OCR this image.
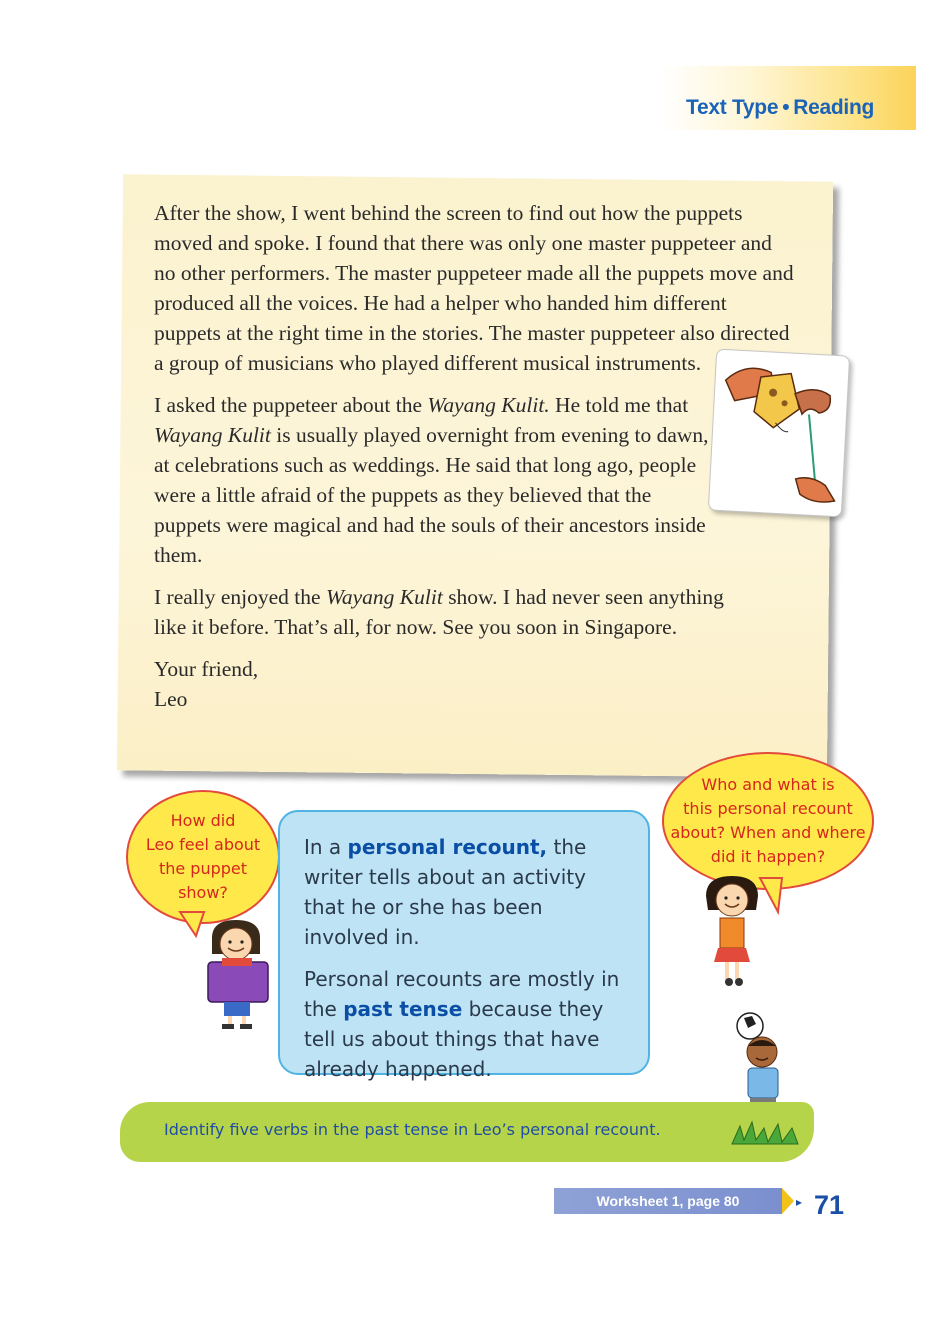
Text Type • Reading

After the show, I went behind the screen to find out how the puppets moved and spoke. I found that there was only one master puppeteer and no other performers. The master puppeteer made all the puppets move and produced all the voices. He had a helper who handed him different puppets at the right time in the stories. The master puppeteer also directed a group of musicians who played different musical instruments.

I asked the puppeteer about the Wayang Kulit. He told me that Wayang Kulit is usually played overnight from evening to dawn, at celebrations such as weddings. He said that long ago, people were a little afraid of the puppets as they believed that the puppets were magical and had the souls of their ancestors inside them.

I really enjoyed the Wayang Kulit show. I had never seen anything like it before. That’s all, for now. See you soon in Singapore.

Your friend,
Leo
How did
Leo feel about
the puppet
show?
Who and what is
this personal recount
about? When and where
did it happen?

In a personal recount, the writer tells about an activity that he or she has been involved in.

Personal recounts are mostly in the past tense because they tell us about things that have already happened.

Identify five verbs in the past tense in Leo’s personal recount.
Worksheet 1, page 80	▸ 71
